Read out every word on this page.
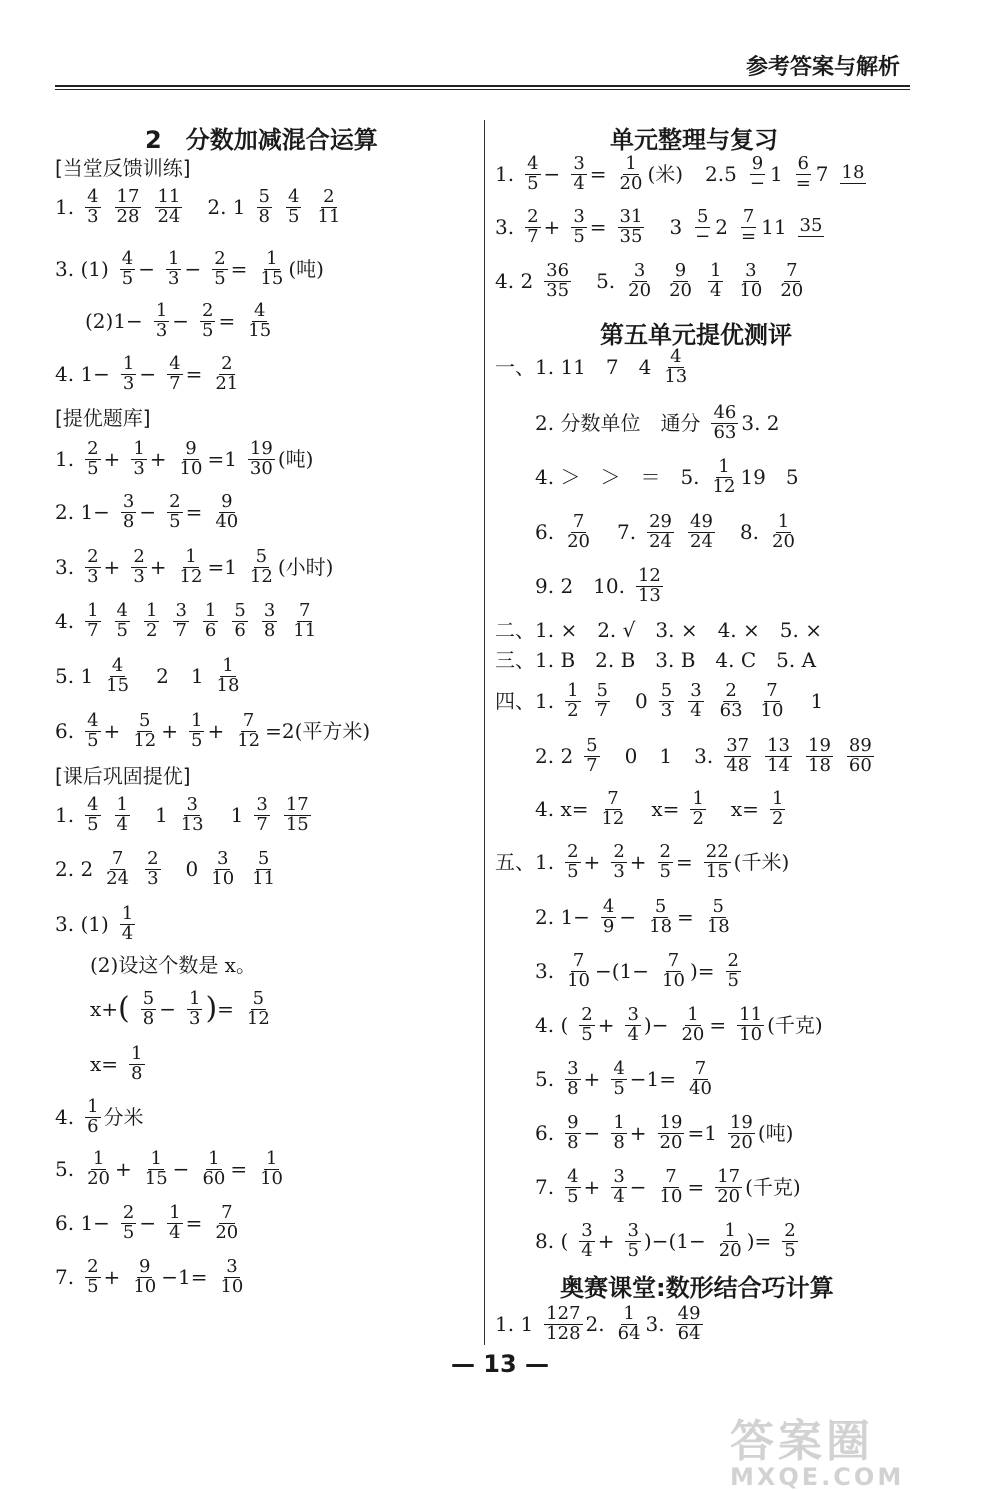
参考答案与解析
2　分数加减混合运算
[当堂反馈训练]
1. $\frac{4}{3} \frac{17}{28} \frac{11}{24} 2$. $1 \frac{5}{8} \frac{4}{5} \frac{2}{11}$
3. $(1) \frac{4}{5} - \frac{1}{3} - \frac{2}{5} = \frac{1}{15}$ (吨)
$(2)1- \frac{1}{3} - \frac{2}{5} = \frac{4}{15}$
4. $1- \frac{1}{3} - \frac{4}{7} = \frac{2}{21}$
[提优题库]
1. $\frac{2}{5} + \frac{1}{3} + \frac{9}{10} =1 \frac{19}{30}$ (吨)
2. $1- \frac{3}{8} - \frac{2}{5} = \frac{9}{40}$
3. $\frac{2}{3} + \frac{2}{3} + \frac{1}{12} =1 \frac{5}{12}$ (小时)
4. $\frac{1}{7} \frac{4}{5} \frac{1}{2} \frac{3}{7} \frac{1}{6} \frac{5}{6} \frac{3}{8} \frac{7}{11}$
5. $1 \frac{4}{15} 2$ $1 \frac{1}{18}$
6. $\frac{4}{5} + \frac{5}{12} + \frac{1}{5} + \frac{7}{12} =2$(平方米)
[课后巩固提优]
1. $\frac{4}{5} \frac{1}{4} 1 \frac{3}{13} 1 \frac{3}{7} \frac{17}{15}$
2. $2 \frac{7}{24} \frac{2}{3} 0 \frac{3}{10} \frac{5}{11}$
3. $(1) \frac{1}{4}$
(2)设这个数是 x。
x+ ( $\frac{5}{8} - \frac{1}{3}$ ) = $\frac{5}{12}$
$x= \frac{1}{8}$
4. $\frac{1}{6}$ 分米
5. $\frac{1}{20} + \frac{1}{15} - \frac{1}{60} = \frac{1}{10}$
6. $1- \frac{2}{5} - \frac{1}{4} = \frac{7}{20}$
7. $\frac{2}{5} + \frac{9}{10} -1= \frac{3}{10}$
单元整理与复习
1. $\frac{4}{5} - \frac{3}{4} = \frac{1}{20}$ (米) 2. $5 \frac{9}{-} 1 \frac{6}{=} 7$ 18
3. $\frac{2}{7} + \frac{3}{5} = \frac{31}{35} 3 \frac{5}{-} 2 \frac{7}{=} 11$ 35
4. $2 \frac{36}{35} 5$. $\frac{3}{20} \frac{9}{20} \frac{1}{4} \frac{3}{10} \frac{7}{20}$
第五单元提优测评
一、1. 11　7　$4 \frac{4}{13}$
2. 分数单位　通分 $\frac{46}{63} 3$. 2
4. ＞　＞　＝　5. $\frac{1}{12} 19$　5
6. $\frac{7}{20} 7$. $\frac{29}{24} \frac{49}{24} 8$. $\frac{1}{20}$
9. 2　10. $\frac{12}{13}$
二、1. ×　2. √　3. ×　4. ×　5. ×
三、1. B　2. B　3. B　4. C　5. A
四、1. $\frac{1}{2} \frac{5}{7} 0 \frac{5}{3} \frac{3}{4} \frac{2}{63} \frac{7}{10} 1$
2. $2 \frac{5}{7} 0$ 1 3. $\frac{37}{48} \frac{13}{14} \frac{19}{18} \frac{89}{60}$
4. $x= \frac{7}{12} x= \frac{1}{2} x= \frac{1}{2}$
五、1. $\frac{2}{5} + \frac{2}{3} + \frac{2}{5} = \frac{22}{15}$ (千米)
2. $1- \frac{4}{9} - \frac{5}{18} = \frac{5}{18}$
3. $\frac{7}{10} -(1- \frac{7}{10}$ )= $\frac{2}{5}$
4. ( $\frac{2}{5} + \frac{3}{4}$ )− $\frac{1}{20} = \frac{11}{10}$ (千克)
5. $\frac{3}{8} + \frac{4}{5} -1= \frac{7}{40}$
6. $\frac{9}{8} - \frac{1}{8} + \frac{19}{20} =1 \frac{19}{20}$ (吨)
7. $\frac{4}{5} + \frac{3}{4} - \frac{7}{10} = \frac{17}{20}$ (千克)
8. ( $\frac{3}{4} + \frac{3}{5} )-(1- \frac{1}{20}$ )= $\frac{2}{5}$
奥赛课堂:数形结合巧计算
1. $1 \frac{127}{128} 2$. $\frac{1}{64} 3$. $\frac{49}{64}$
— 13 —
答案圈
MXQE.COM
